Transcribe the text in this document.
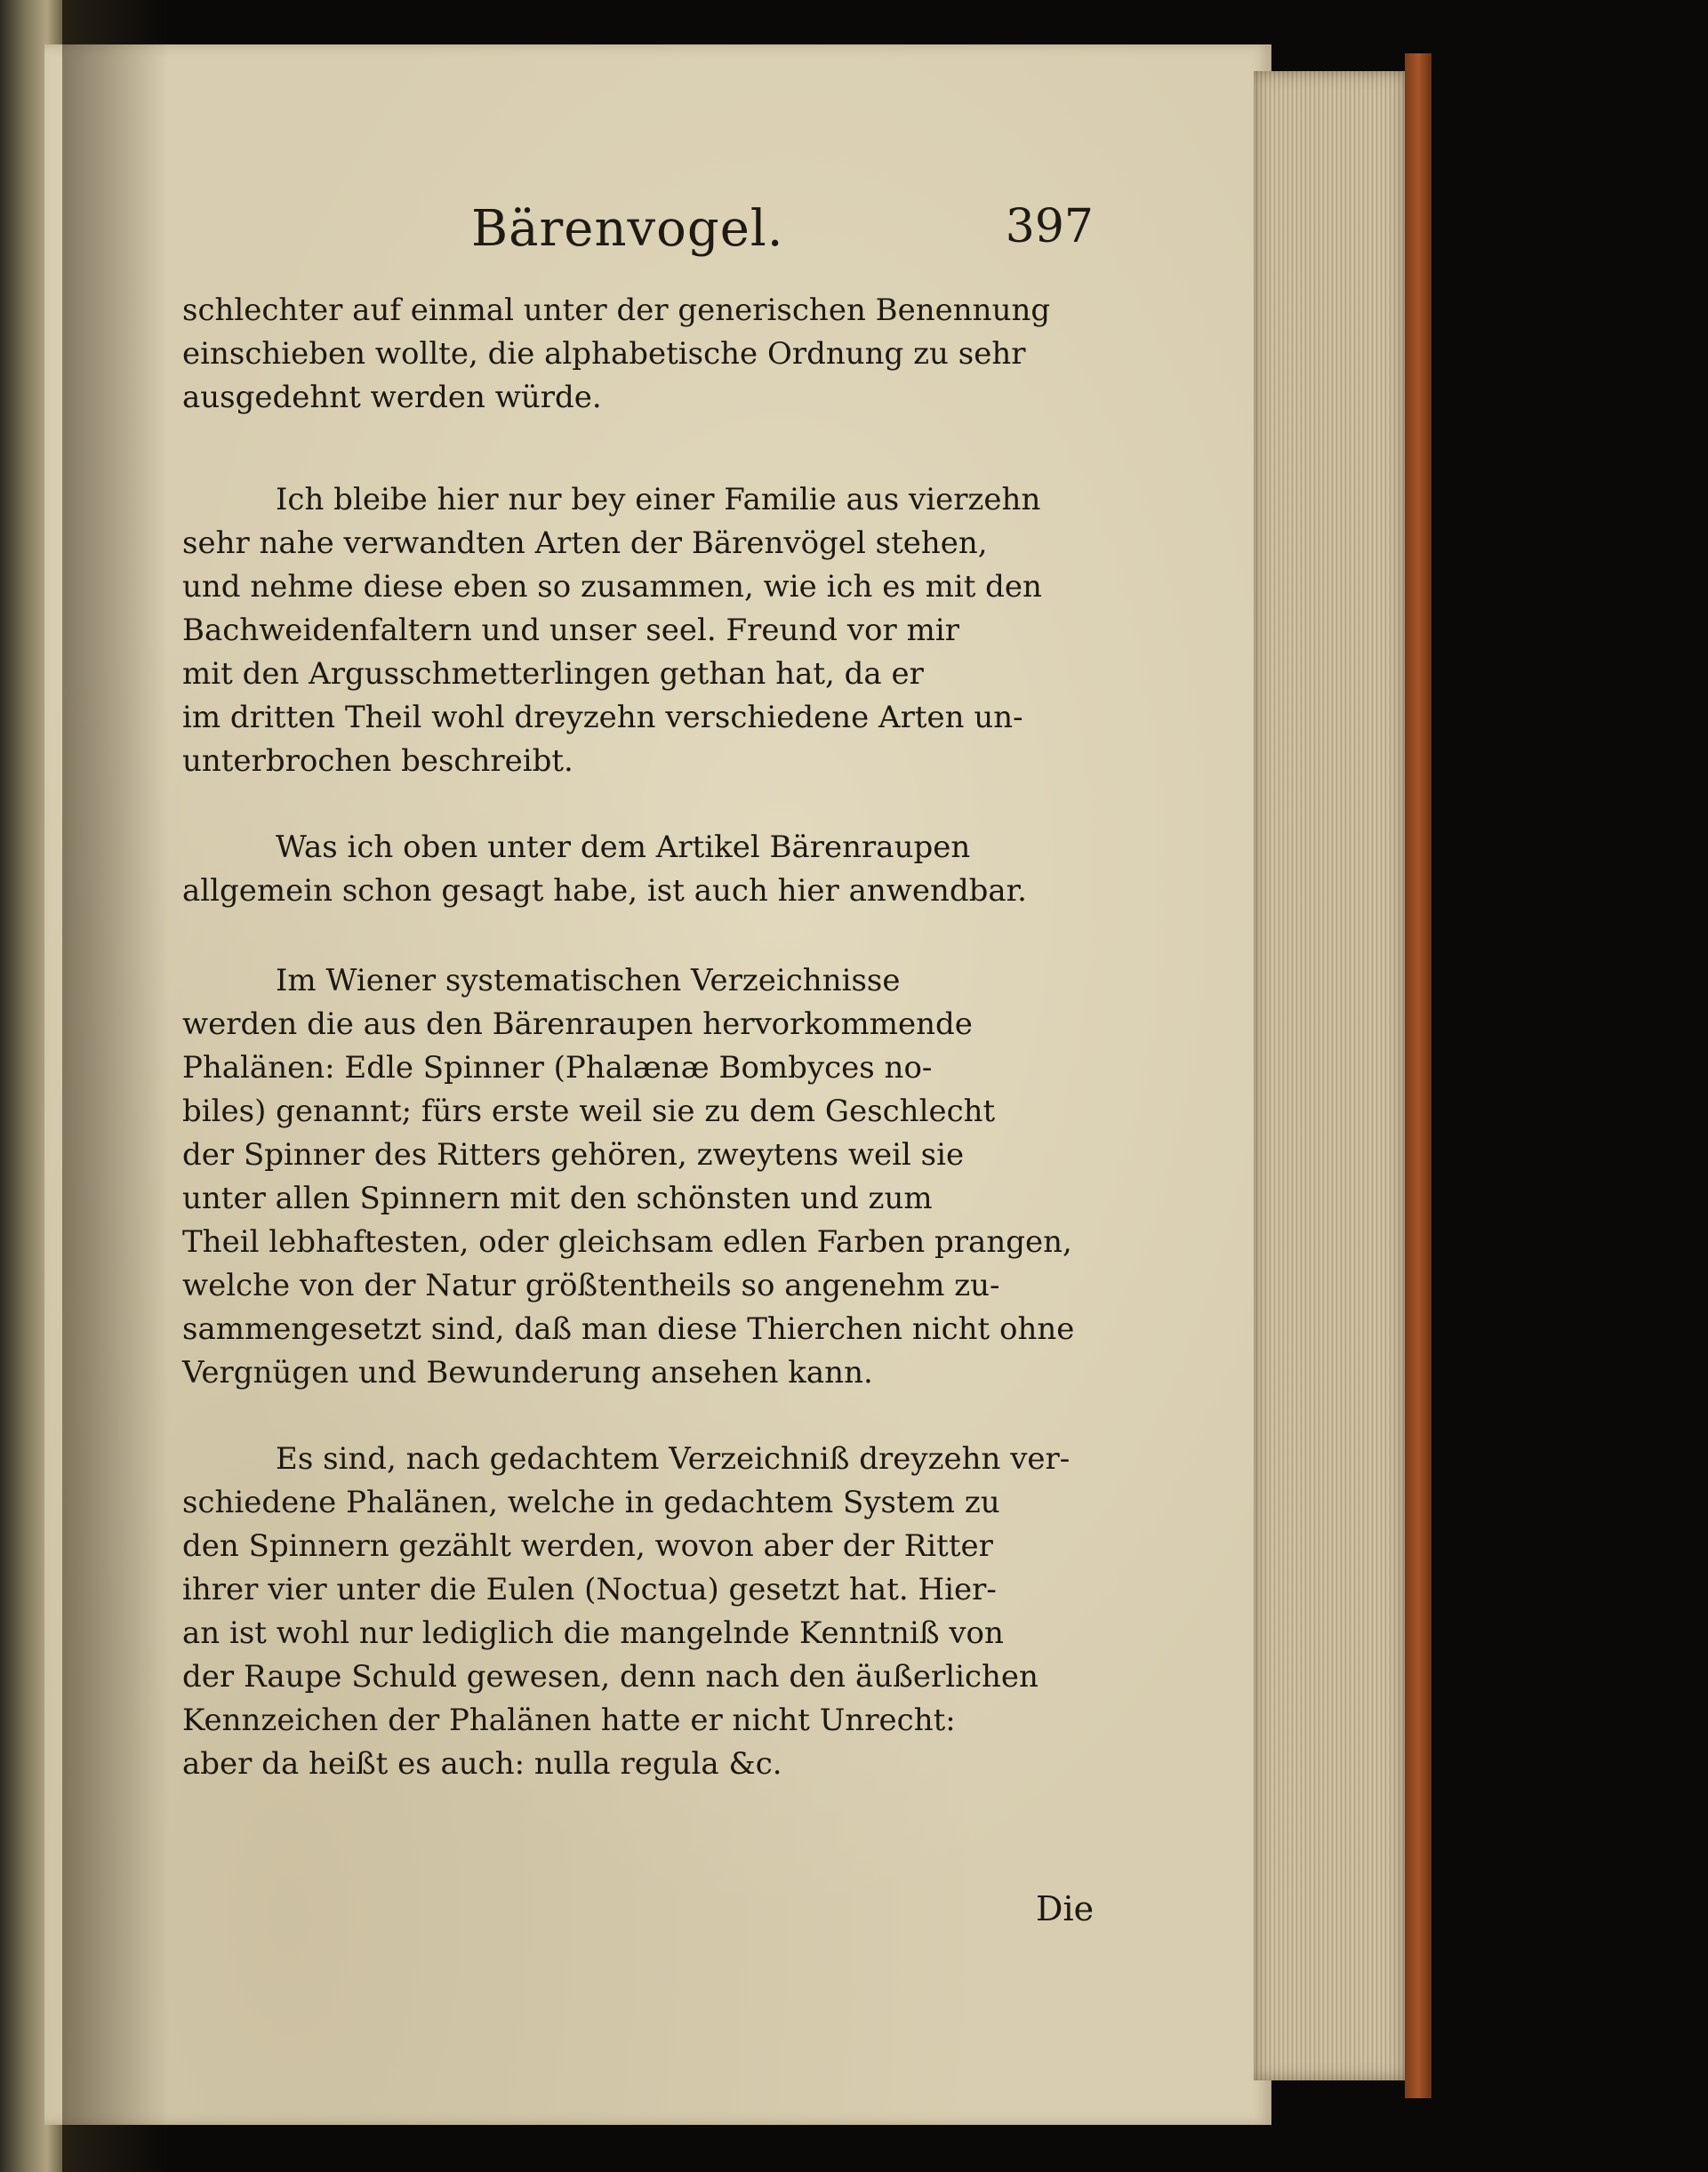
Bärenvogel.	397

schlechter auf einmal unter der generischen Benennung
einschieben wollte, die alphabetische Ordnung zu sehr
ausgedehnt werden würde.

Ich bleibe hier nur bey einer Familie aus vierzehn
sehr nahe verwandten Arten der Bärenvögel stehen,
und nehme diese eben so zusammen, wie ich es mit den
Bachweidenfaltern und unser seel. Freund vor mir
mit den Argusschmetterlingen gethan hat, da er
im dritten Theil wohl dreyzehn verschiedene Arten un-
unterbrochen beschreibt.

Was ich oben unter dem Artikel Bärenraupen
allgemein schon gesagt habe, ist auch hier anwendbar.

Im Wiener systematischen Verzeichnisse
werden die aus den Bärenraupen hervorkommende
Phalänen: Edle Spinner (Phalænæ Bombyces no-
biles) genannt; fürs erste weil sie zu dem Geschlecht
der Spinner des Ritters gehören, zweytens weil sie
unter allen Spinnern mit den schönsten und zum
Theil lebhaftesten, oder gleichsam edlen Farben prangen,
welche von der Natur größtentheils so angenehm zu-
sammengesetzt sind, daß man diese Thierchen nicht ohne
Vergnügen und Bewunderung ansehen kann.

Es sind, nach gedachtem Verzeichniß dreyzehn ver-
schiedene Phalänen, welche in gedachtem System zu
den Spinnern gezählt werden, wovon aber der Ritter
ihrer vier unter die Eulen (Noctua) gesetzt hat. Hier-
an ist wohl nur lediglich die mangelnde Kenntniß von
der Raupe Schuld gewesen, denn nach den äußerlichen
Kennzeichen der Phalänen hatte er nicht Unrecht:
aber da heißt es auch: nulla regula &c.

Die
